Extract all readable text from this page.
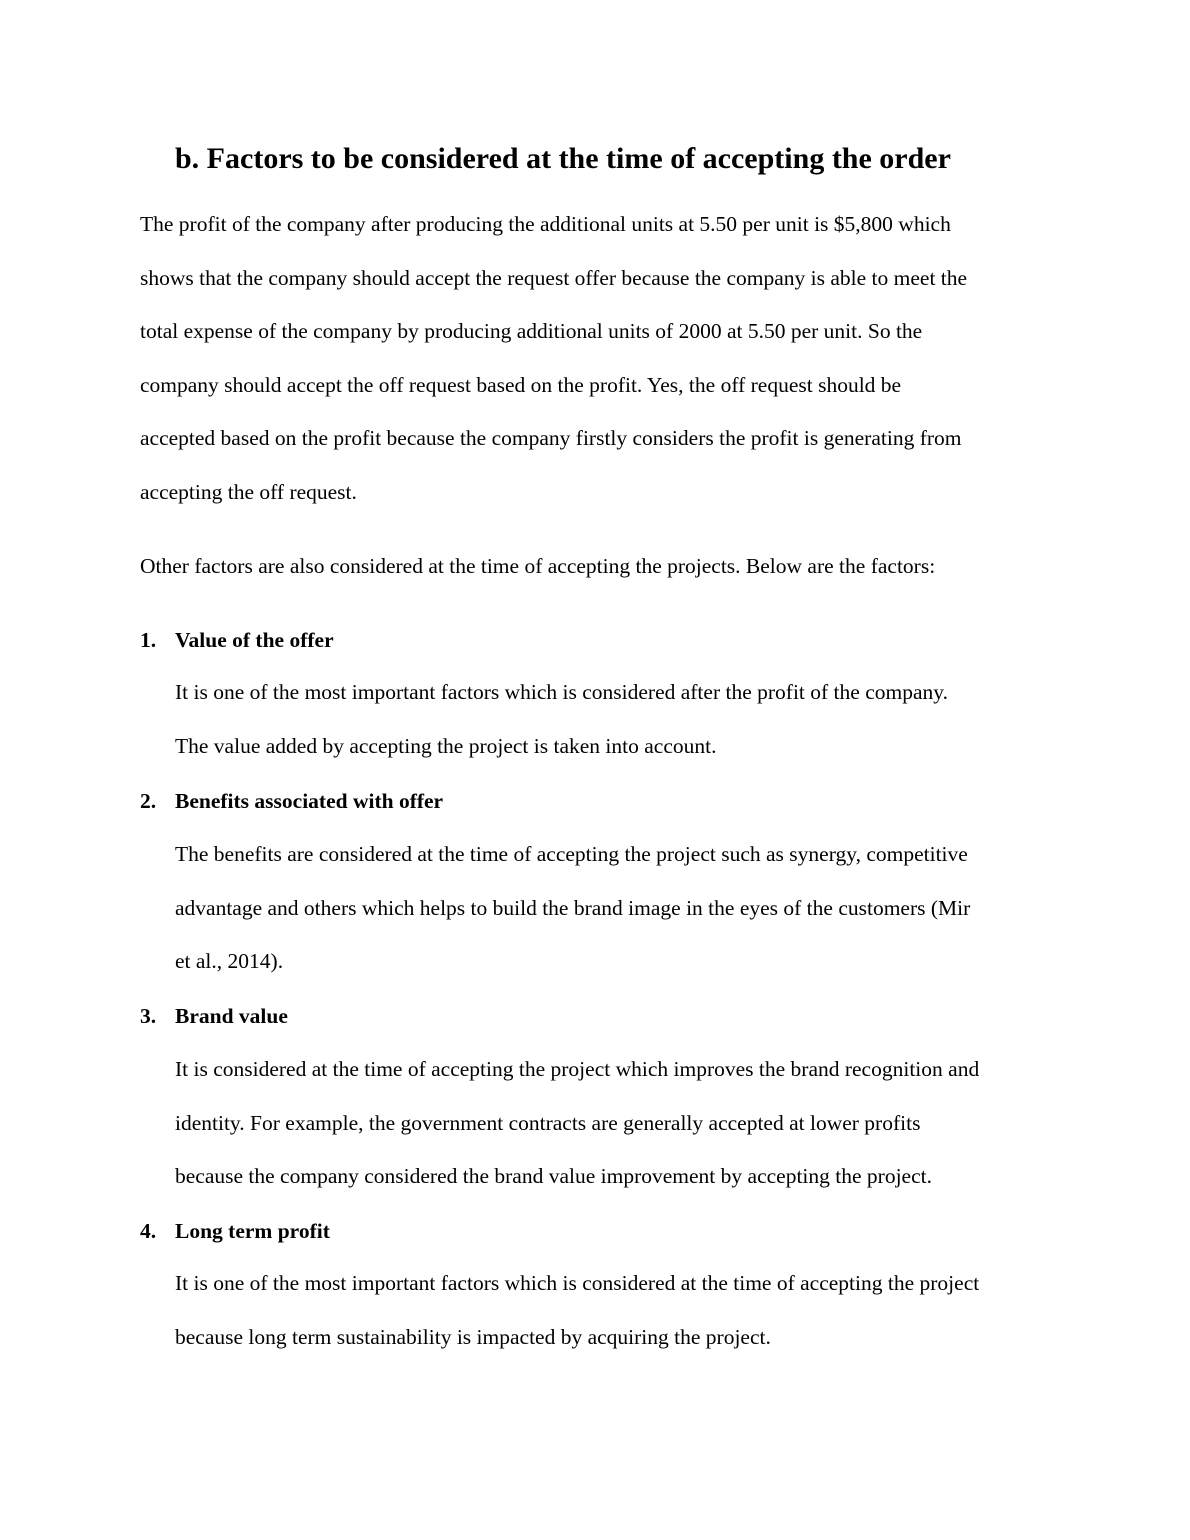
b. Factors to be considered at the time of accepting the order

The profit of the company after producing the additional units at 5.50 per unit is $5,800 which
shows that the company should accept the request offer because the company is able to meet the
total expense of the company by producing additional units of 2000 at 5.50 per unit. So the
company should accept the off request based on the profit. Yes, the off request should be
accepted based on the profit because the company firstly considers the profit is generating from
accepting the off request.

Other factors are also considered at the time of accepting the projects. Below are the factors:

1. Value of the offer
It is one of the most important factors which is considered after the profit of the company.
The value added by accepting the project is taken into account.
2. Benefits associated with offer
The benefits are considered at the time of accepting the project such as synergy, competitive
advantage and others which helps to build the brand image in the eyes of the customers (Mir
et al., 2014).
3. Brand value
It is considered at the time of accepting the project which improves the brand recognition and
identity. For example, the government contracts are generally accepted at lower profits
because the company considered the brand value improvement by accepting the project.
4. Long term profit
It is one of the most important factors which is considered at the time of accepting the project
because long term sustainability is impacted by acquiring the project.
